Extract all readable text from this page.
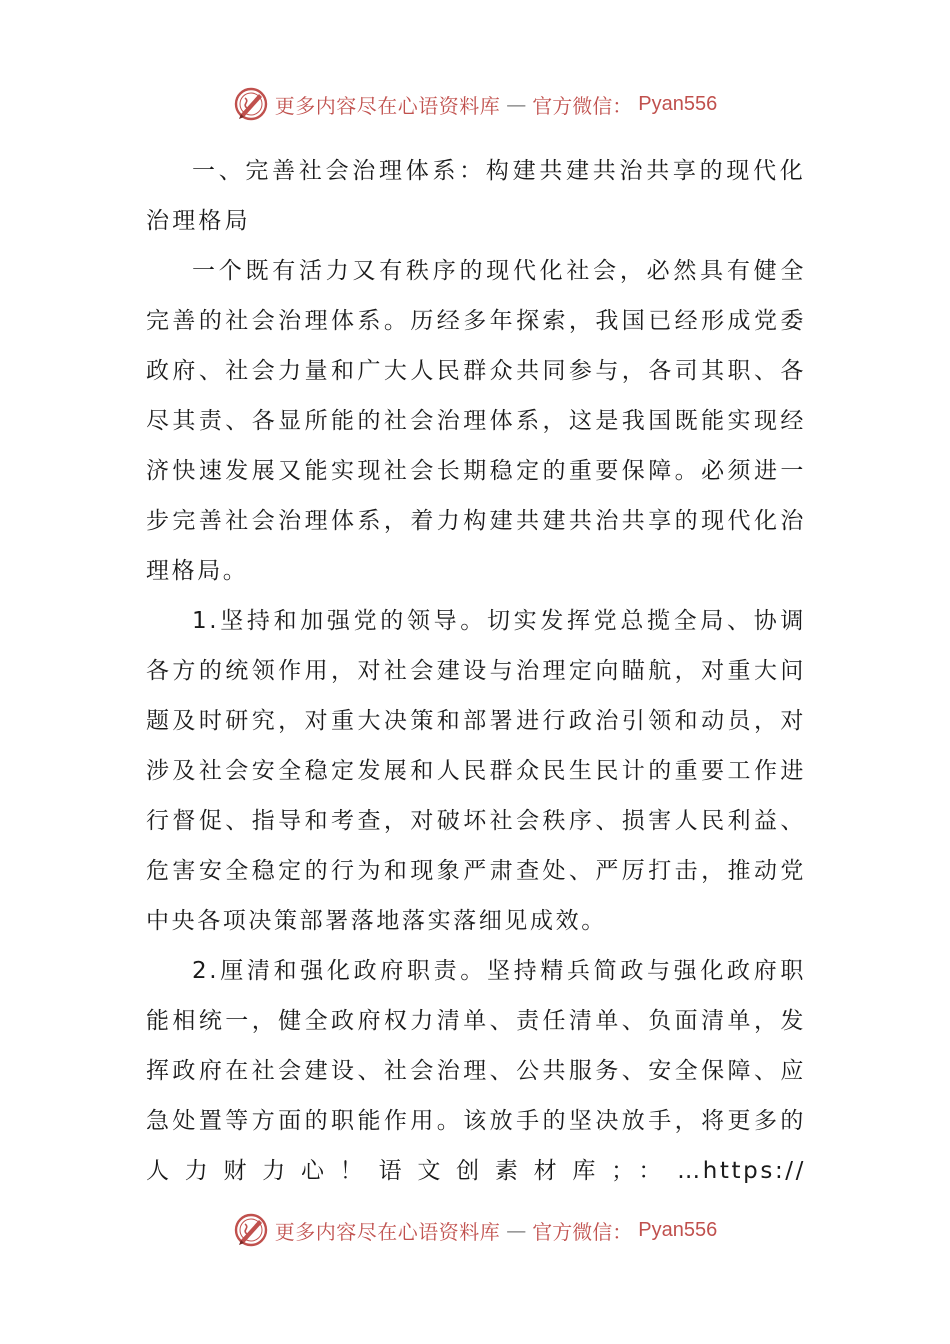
更多内容尽在心语资料库 — 官方微信： Pyan556

一、完善社会治理体系：构建共建共治共享的现代化治理格局

一个既有活力又有秩序的现代化社会，必然具有健全完善的社会治理体系。历经多年探索，我国已经形成党委政府、社会力量和广大人民群众共同参与，各司其职、各尽其责、各显所能的社会治理体系，这是我国既能实现经济快速发展又能实现社会长期稳定的重要保障。必须进一步完善社会治理体系，着力构建共建共治共享的现代化治理格局。

1.坚持和加强党的领导。切实发挥党总揽全局、协调各方的统领作用，对社会建设与治理定向瞄航，对重大问题及时研究，对重大决策和部署进行政治引领和动员，对涉及社会安全稳定发展和人民群众民生民计的重要工作进行督促、指导和考查，对破坏社会秩序、损害人民利益、危害安全稳定的行为和现象严肃查处、严厉打击，推动党中央各项决策部署落地落实落细见成效。

2.厘清和强化政府职责。坚持精兵简政与强化政府职能相统一，健全政府权力清单、责任清单、负面清单，发挥政府在社会建设、社会治理、公共服务、安全保障、应急处置等方面的职能作用。该放手的坚决放手，将更多的人力财力心！语文创素材库；：…https://

更多内容尽在心语资料库 — 官方微信： Pyan556
